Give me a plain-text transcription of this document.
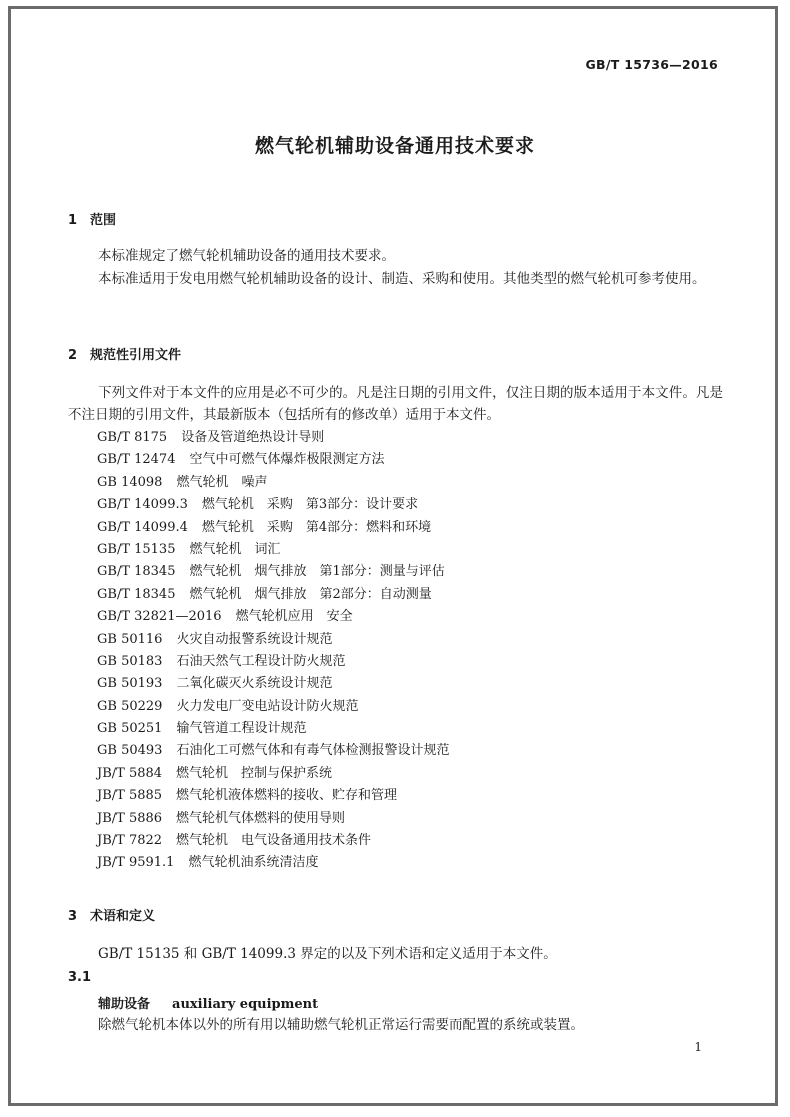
GB/T 15736—2016
燃气轮机辅助设备通用技术要求
1 范围
本标准规定了燃气轮机辅助设备的通用技术要求。
本标准适用于发电用燃气轮机辅助设备的设计、制造、采购和使用。其他类型的燃气轮机可参考使用。
2 规范性引用文件
下列文件对于本文件的应用是必不可少的。凡是注日期的引用文件，仅注日期的版本适用于本文件。凡是不注日期的引用文件，其最新版本（包括所有的修改单）适用于本文件。
GB/T 8175 设备及管道绝热设计导则
GB/T 12474 空气中可燃气体爆炸极限测定方法
GB 14098 燃气轮机　噪声
GB/T 14099.3 燃气轮机　采购　第3部分：设计要求
GB/T 14099.4 燃气轮机　采购　第4部分：燃料和环境
GB/T 15135 燃气轮机　词汇
GB/T 18345 燃气轮机　烟气排放　第1部分：测量与评估
GB/T 18345 燃气轮机　烟气排放　第2部分：自动测量
GB/T 32821—2016 燃气轮机应用　安全
GB 50116 火灾自动报警系统设计规范
GB 50183 石油天然气工程设计防火规范
GB 50193 二氧化碳灭火系统设计规范
GB 50229 火力发电厂变电站设计防火规范
GB 50251 输气管道工程设计规范
GB 50493 石油化工可燃气体和有毒气体检测报警设计规范
JB/T 5884 燃气轮机　控制与保护系统
JB/T 5885 燃气轮机液体燃料的接收、贮存和管理
JB/T 5886 燃气轮机气体燃料的使用导则
JB/T 7822 燃气轮机　电气设备通用技术条件
JB/T 9591.1 燃气轮机油系统清洁度
3 术语和定义
GB/T 15135 和 GB/T 14099.3 界定的以及下列术语和定义适用于本文件。
3.1
辅助设备 auxiliary equipment
除燃气轮机本体以外的所有用以辅助燃气轮机正常运行需要而配置的系统或装置。
1
